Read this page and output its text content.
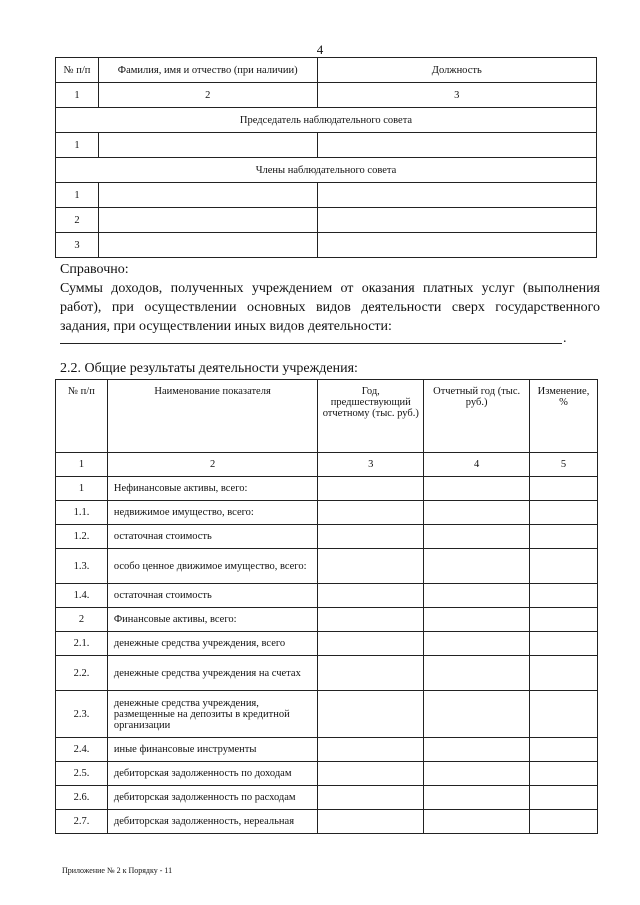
4
№ п/п	Фамилия, имя и отчество (при наличии)	Должность
1	2	3
Председатель наблюдательного совета		
1		
Члены наблюдательного совета		
1		
2		
3		
Справочно:
Суммы доходов, полученных учреждением от оказания платных услуг (выполнения работ), при осуществлении основных видов деятельности сверх государственного задания, при осуществлении иных видов деятельности:
.
2.2. Общие результаты деятельности учреждения:
№ п/п	Наименование показателя	Год, предшествующий отчетному (тыс. руб.)	Отчетный год (тыс. руб.)	Изменение, %
1	2	3	4	5
1	Нефинансовые активы, всего:			
1.1.	недвижимое имущество, всего:			
1.2.	остаточная стоимость			
1.3.	особо ценное движимое имущество, всего:			
1.4.	остаточная стоимость			
2	Финансовые активы, всего:			
2.1.	денежные средства учреждения, всего			
2.2.	денежные средства учреждения на счетах			
2.3.	денежные средства учреждения, размещенные на депозиты в кредитной организации			
2.4.	иные финансовые инструменты			
2.5.	дебиторская задолженность по доходам			
2.6.	дебиторская задолженность по расходам			
2.7.	дебиторская задолженность, нереальная			
Приложение № 2 к Порядку - 11
